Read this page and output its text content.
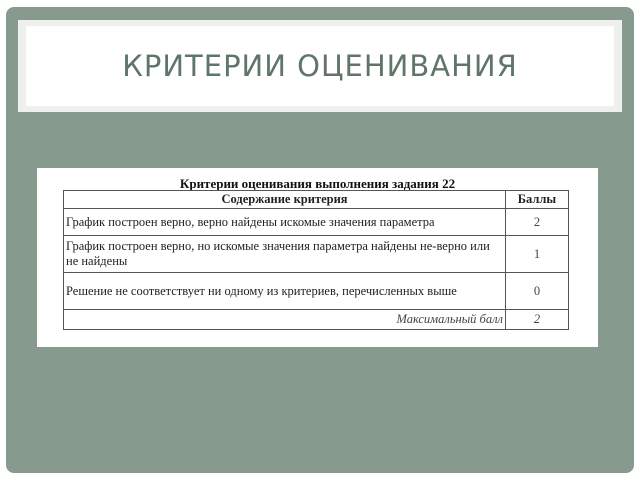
КРИТЕРИИ ОЦЕНИВАНИЯ
Критерии оценивания выполнения задания 22
Содержание критерия	Баллы
График построен верно, верно найдены искомые значения параметра	2
График построен верно, но искомые значения параметра найдены не-верно или не найдены	1
Решение не соответствует ни одному из критериев, перечисленных выше	0
Максимальный балл	2
